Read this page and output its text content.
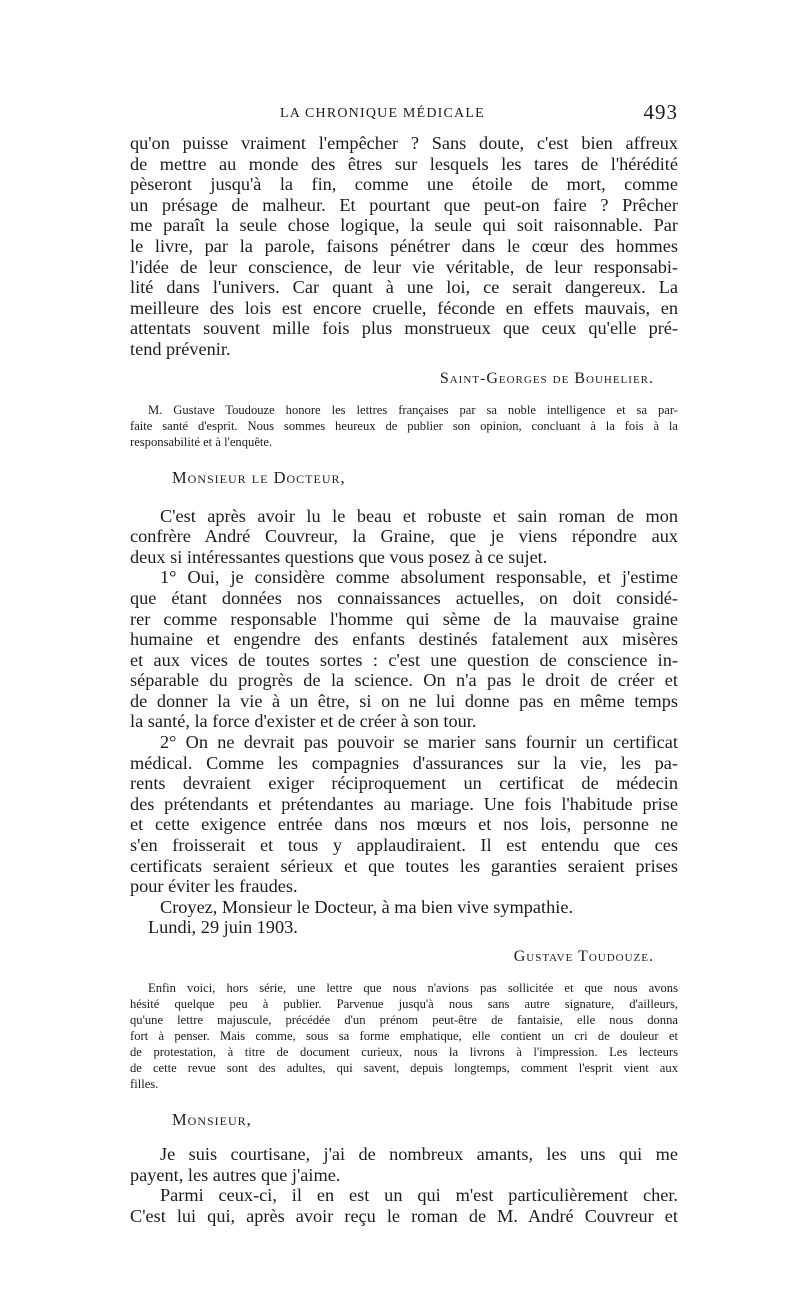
LA CHRONIQUE MÉDICALE	493
qu'on puisse vraiment l'empêcher ? Sans doute, c'est bien affreux
de mettre au monde des êtres sur lesquels les tares de l'hérédité
pèseront jusqu'à la fin, comme une étoile de mort, comme
un présage de malheur. Et pourtant que peut-on faire ? Prêcher
me paraît la seule chose logique, la seule qui soit raisonnable. Par
le livre, par la parole, faisons pénétrer dans le cœur des hommes
l'idée de leur conscience, de leur vie véritable, de leur responsabi-
lité dans l'univers. Car quant à une loi, ce serait dangereux. La
meilleure des lois est encore cruelle, féconde en effets mauvais, en
attentats souvent mille fois plus monstrueux que ceux qu'elle pré-
tend prévenir.
Saint-Georges de Bouhelier.
M. Gustave Toudouze honore les lettres françaises par sa noble intelligence et sa par-
faite santé d'esprit. Nous sommes heureux de publier son opinion, concluant à la fois à la
responsabilité et à l'enquête.
Monsieur le Docteur,
C'est après avoir lu le beau et robuste et sain roman de mon
confrère André Couvreur, la Graine, que je viens répondre aux
deux si intéressantes questions que vous posez à ce sujet.
1° Oui, je considère comme absolument responsable, et j'estime
que étant données nos connaissances actuelles, on doit considé-
rer comme responsable l'homme qui sème de la mauvaise graine
humaine et engendre des enfants destinés fatalement aux misères
et aux vices de toutes sortes : c'est une question de conscience in-
séparable du progrès de la science. On n'a pas le droit de créer et
de donner la vie à un être, si on ne lui donne pas en même temps
la santé, la force d'exister et de créer à son tour.
2° On ne devrait pas pouvoir se marier sans fournir un certificat
médical. Comme les compagnies d'assurances sur la vie, les pa-
rents devraient exiger réciproquement un certificat de médecin
des prétendants et prétendantes au mariage. Une fois l'habitude prise
et cette exigence entrée dans nos mœurs et nos lois, personne ne
s'en froisserait et tous y applaudiraient. Il est entendu que ces
certificats seraient sérieux et que toutes les garanties seraient prises
pour éviter les fraudes.
Croyez, Monsieur le Docteur, à ma bien vive sympathie.
Lundi, 29 juin 1903.
Gustave Toudouze.
Enfin voici, hors série, une lettre que nous n'avions pas sollicitée et que nous avons
hésité quelque peu à publier. Parvenue jusqu'à nous sans autre signature, d'ailleurs,
qu'une lettre majuscule, précédée d'un prénom peut-être de fantaisie, elle nous donna
fort à penser. Mais comme, sous sa forme emphatique, elle contient un cri de douleur et
de protestation, à titre de document curieux, nous la livrons à l'impression. Les lecteurs
de cette revue sont des adultes, qui savent, depuis longtemps, comment l'esprit vient aux
filles.
Monsieur,
Je suis courtisane, j'ai de nombreux amants, les uns qui me
payent, les autres que j'aime.
Parmi ceux-ci, il en est un qui m'est particulièrement cher.
C'est lui qui, après avoir reçu le roman de M. André Couvreur et
